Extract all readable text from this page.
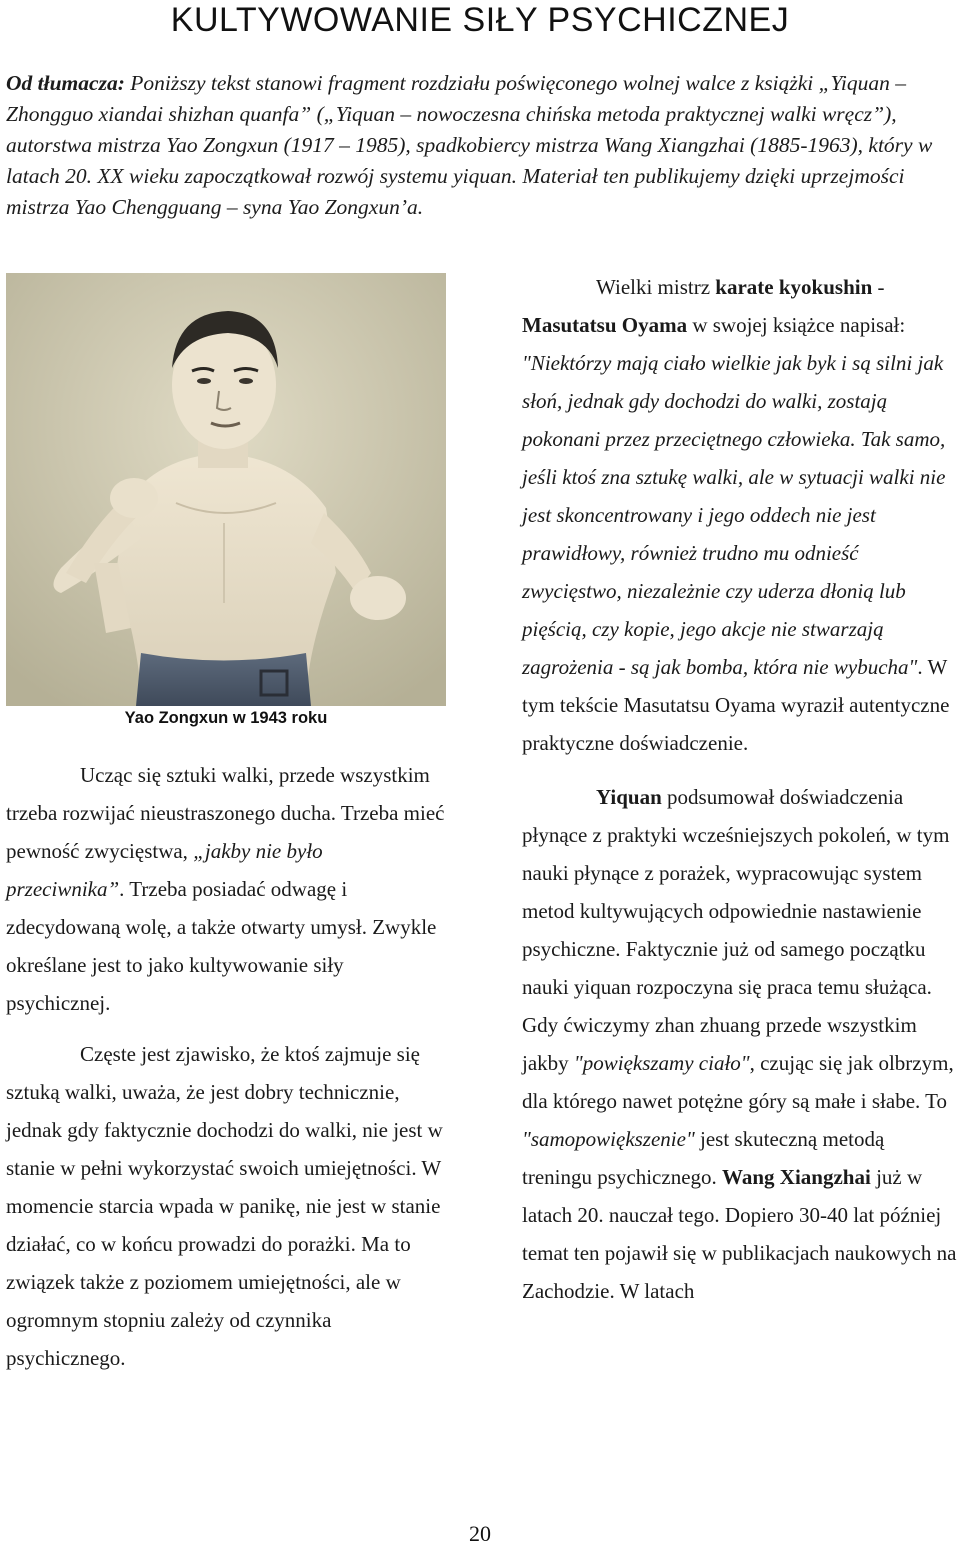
KULTYWOWANIE SIŁY PSYCHICZNEJ
Od tłumacza: Poniższy tekst stanowi fragment rozdziału poświęconego wolnej walce z książki „Yiquan – Zhongguo xiandai shizhan quanfa” („Yiquan – nowoczesna chińska metoda praktycznej walki wręcz”), autorstwa mistrza Yao Zongxun (1917 – 1985), spadkobiercy mistrza Wang Xiangzhai (1885-1963), który w latach 20. XX wieku zapoczątkował rozwój systemu yiquan. Materiał ten publikujemy dzięki uprzejmości mistrza Yao Chengguang – syna Yao Zongxun’a.
Yao Zongxun w 1943 roku

Ucząc się sztuki walki, przede wszystkim trzeba rozwijać nieustraszonego ducha. Trzeba mieć pewność zwycięstwa, „jakby nie było przeciwnika”. Trzeba posiadać odwagę i zdecydowaną wolę, a także otwarty umysł. Zwykle określane jest to jako kultywowanie siły psychicznej.

Częste jest zjawisko, że ktoś zajmuje się sztuką walki, uważa, że jest dobry technicznie, jednak gdy faktycznie dochodzi do walki, nie jest w stanie w pełni wykorzystać swoich umiejętności. W momencie starcia wpada w panikę, nie jest w stanie działać, co w końcu prowadzi do porażki. Ma to związek także z poziomem umiejętności, ale w ogromnym stopniu zależy od czynnika psychicznego.

Wielki mistrz karate kyokushin - Masutatsu Oyama w swojej książce napisał: "Niektórzy mają ciało wielkie jak byk i są silni jak słoń, jednak gdy dochodzi do walki, zostają pokonani przez przeciętnego człowieka. Tak samo, jeśli ktoś zna sztukę walki, ale w sytuacji walki nie jest skoncentrowany i jego oddech nie jest prawidłowy, również trudno mu odnieść zwycięstwo, niezależnie czy uderza dłonią lub pięścią, czy kopie, jego akcje nie stwarzają zagrożenia - są jak bomba, która nie wybucha". W tym tekście Masutatsu Oyama wyraził autentyczne praktyczne doświadczenie.

Yiquan podsumował doświadczenia płynące z praktyki wcześniejszych pokoleń, w tym nauki płynące z porażek, wypracowując system metod kultywujących odpowiednie nastawienie psychiczne. Faktycznie już od samego początku nauki yiquan rozpoczyna się praca temu służąca. Gdy ćwiczymy zhan zhuang przede wszystkim jakby "powiększamy ciało", czując się jak olbrzym, dla którego nawet potężne góry są małe i słabe. To "samopowiększenie" jest skuteczną metodą treningu psychicznego. Wang Xiangzhai już w latach 20. nauczał tego. Dopiero 30-40 lat później temat ten pojawił się w publikacjach naukowych na Zachodzie. W latach

20
